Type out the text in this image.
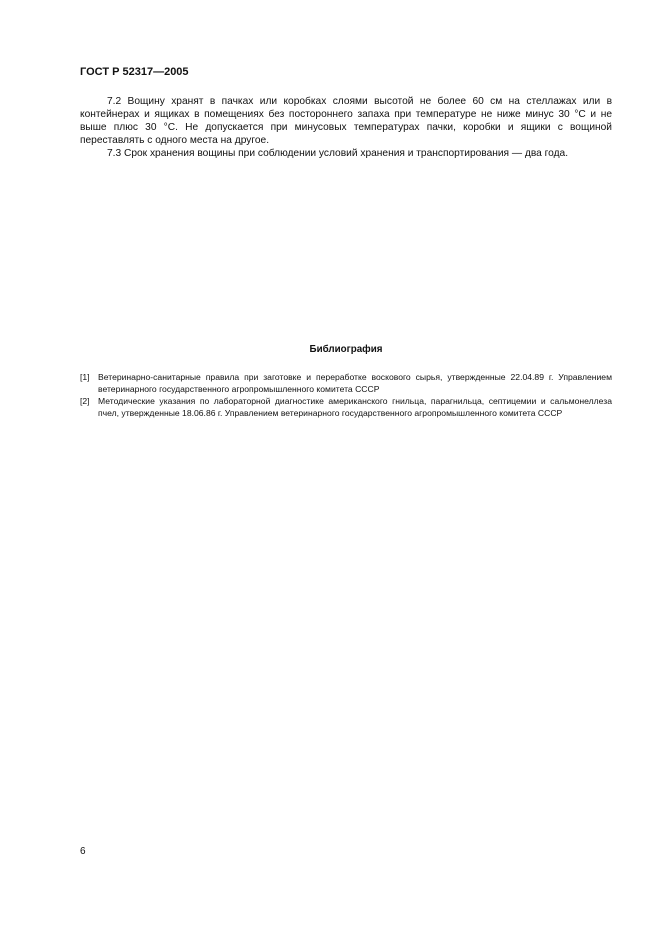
ГОСТ Р 52317—2005

7.2 Вощину хранят в пачках или коробках слоями высотой не более 60 см на стеллажах или в контейнерах и ящиках в помещениях без постороннего запаха при температуре не ниже минус 30 °С и не выше плюс 30 °С. Не допускается при минусовых температурах пачки, коробки и ящики с вощиной переставлять с одного места на другое.

7.3 Срок хранения вощины при соблюдении условий хранения и транспортирования — два года.

Библиография
[1] Ветеринарно-санитарные правила при заготовке и переработке воскового сырья, утвержденные 22.04.89 г. Управлением ветеринарного государственного агропромышленного комитета СССР
[2] Методические указания по лабораторной диагностике американского гнильца, парагнильца, септицемии и сальмонеллеза пчел, утвержденные 18.06.86 г. Управлением ветеринарного государственного агропромышленного комитета СССР
6
